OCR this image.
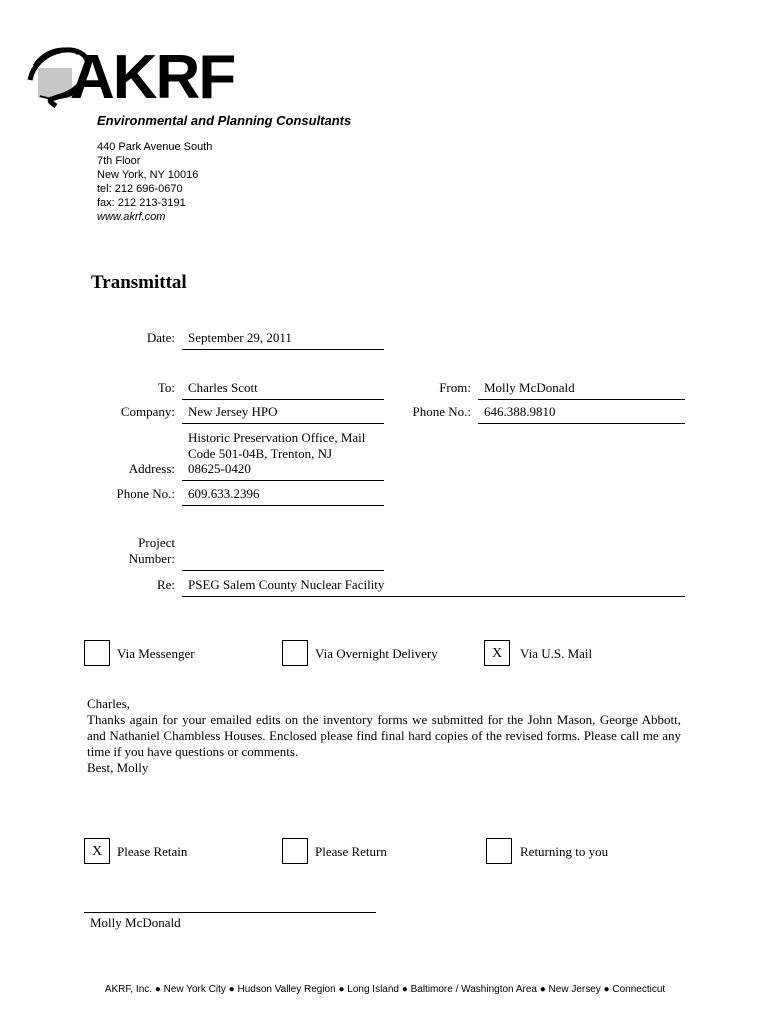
AKRF
Environmental and Planning Consultants
440 Park Avenue South
7th Floor
New York, NY 10016
tel: 212 696-0670
fax: 212 213-3191
www.akrf.com
Transmittal
Date: September 29, 2011
To: Charles Scott	From: Molly McDonald
Company: New Jersey HPO	Phone No.: 646.388.9810
Historic Preservation Office, Mail
Code 501-04B, Trenton, NJ
Address: 08625-0420
Phone No.: 609.633.2396
Project
Number:
Re: PSEG Salem County Nuclear Facility
Via Messenger	Via Overnight Delivery	X	Via U.S. Mail

Charles,

Thanks again for your emailed edits on the inventory forms we submitted for the John Mason, George Abbott, and Nathaniel Chambless Houses. Enclosed please find final hard copies of the revised forms. Please call me any time if you have questions or comments.

Best, Molly

X	Please Retain	Please Return	Returning to you
Molly McDonald
AKRF, Inc. ● New York City ● Hudson Valley Region ● Long Island ● Baltimore / Washington Area ● New Jersey ● Connecticut
